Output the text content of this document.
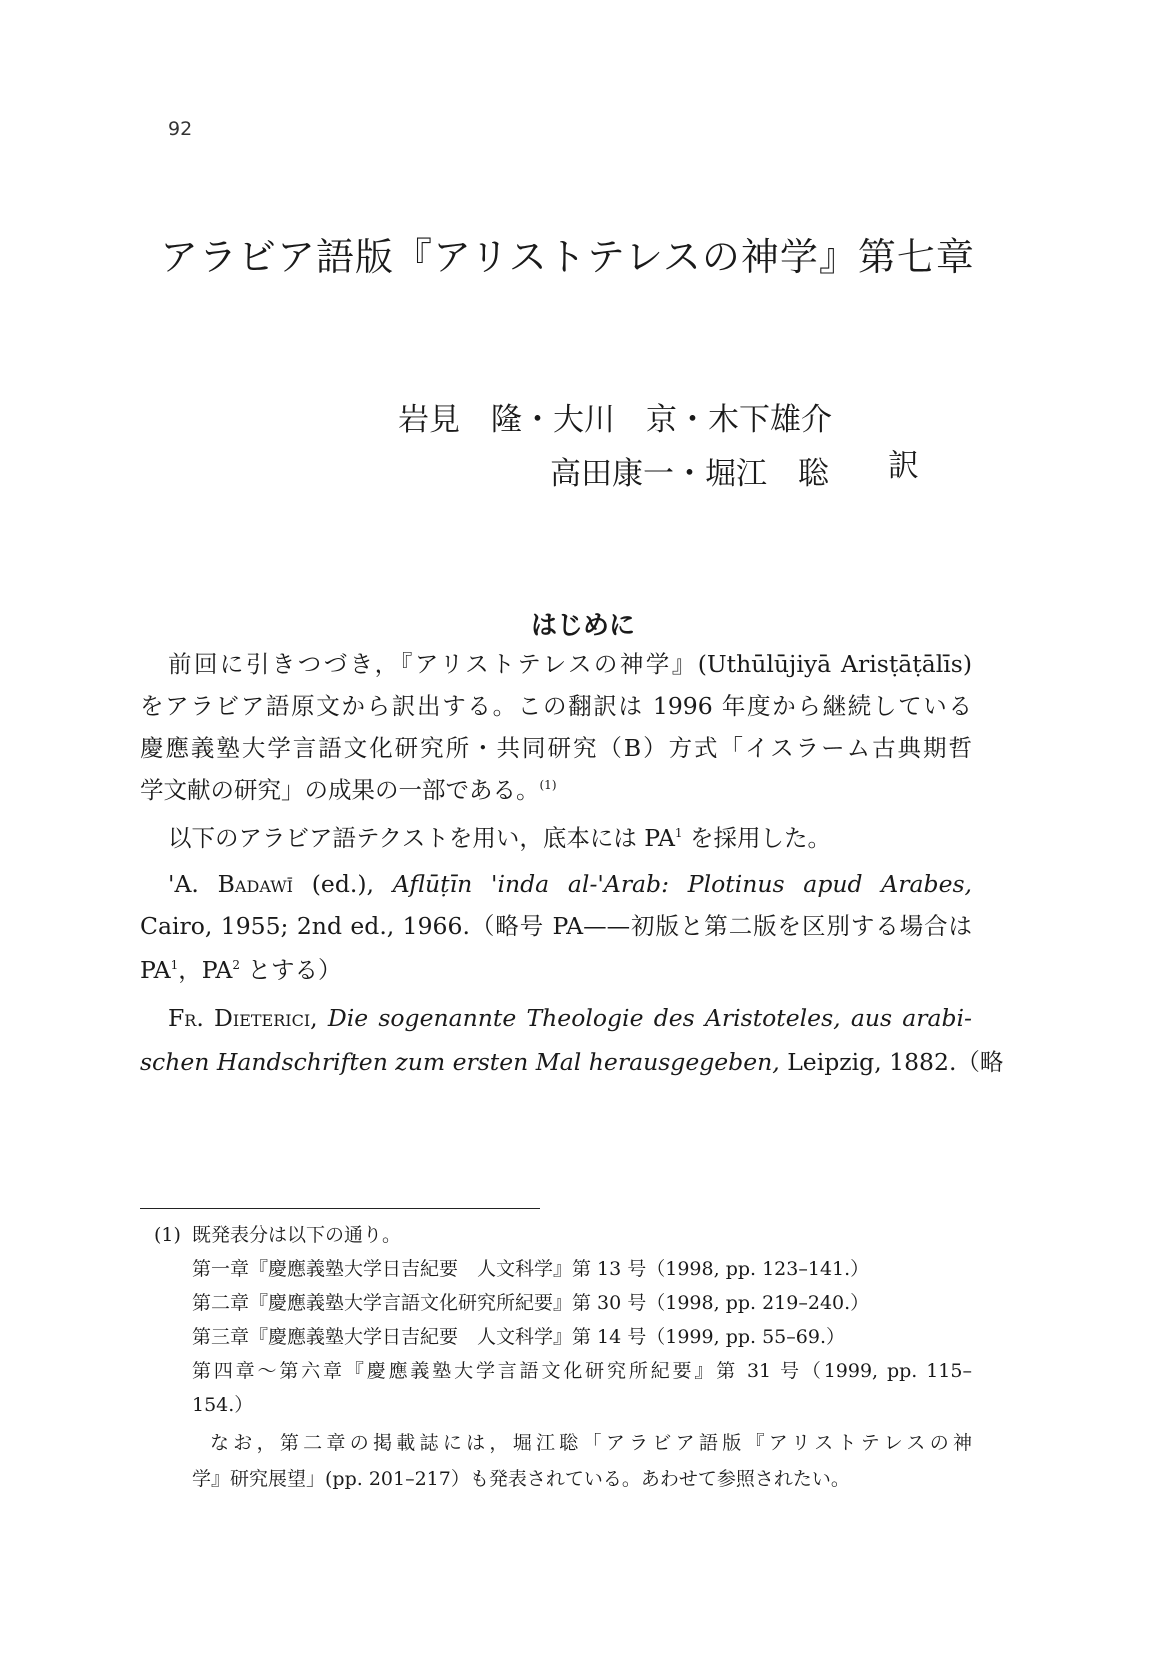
92
アラビア語版『アリストテレスの神学』第七章
岩見　隆・大川　京・木下雄介
高田康一・堀江　聡 訳
はじめに
前回に引きつづき，『アリストテレスの神学』(Uthūlūjiyā Arisṭāṭālīs)
をアラビア語原文から訳出する。この翻訳は 1996 年度から継続している
慶應義塾大学言語文化研究所・共同研究（B）方式「イスラーム古典期哲
学文献の研究」の成果の一部である。$^{(1)}$
以下のアラビア語テクストを用い，底本には $PA^1$ を採用した。
'A. Badawī (ed.), Aflūṭīn 'inda al-'Arab: Plotinus apud Arabes,
Cairo, 1955; 2nd ed., 1966.（略号 PA——初版と第二版を区別する場合は
$PA^1$，$PA^2$ とする）
Fr. Dieterici, Die sogenannte Theologie des Aristoteles, aus arabi-
schen Handschriften zum ersten Mal herausgegeben, Leipzig, 1882.（略
(1) 既発表分は以下の通り。
第一章『慶應義塾大学日吉紀要　人文科学』第 13 号（1998, pp. 123–141.）
第二章『慶應義塾大学言語文化研究所紀要』第 30 号（1998, pp. 219–240.）
第三章『慶應義塾大学日吉紀要　人文科学』第 14 号（1999, pp. 55–69.）
第四章〜第六章『慶應義塾大学言語文化研究所紀要』第 31 号（1999, pp. 115–
154.）
なお，第二章の掲載誌には，堀江聡「アラビア語版『アリストテレスの神
学』研究展望」(pp. 201–217）も発表されている。あわせて参照されたい。
